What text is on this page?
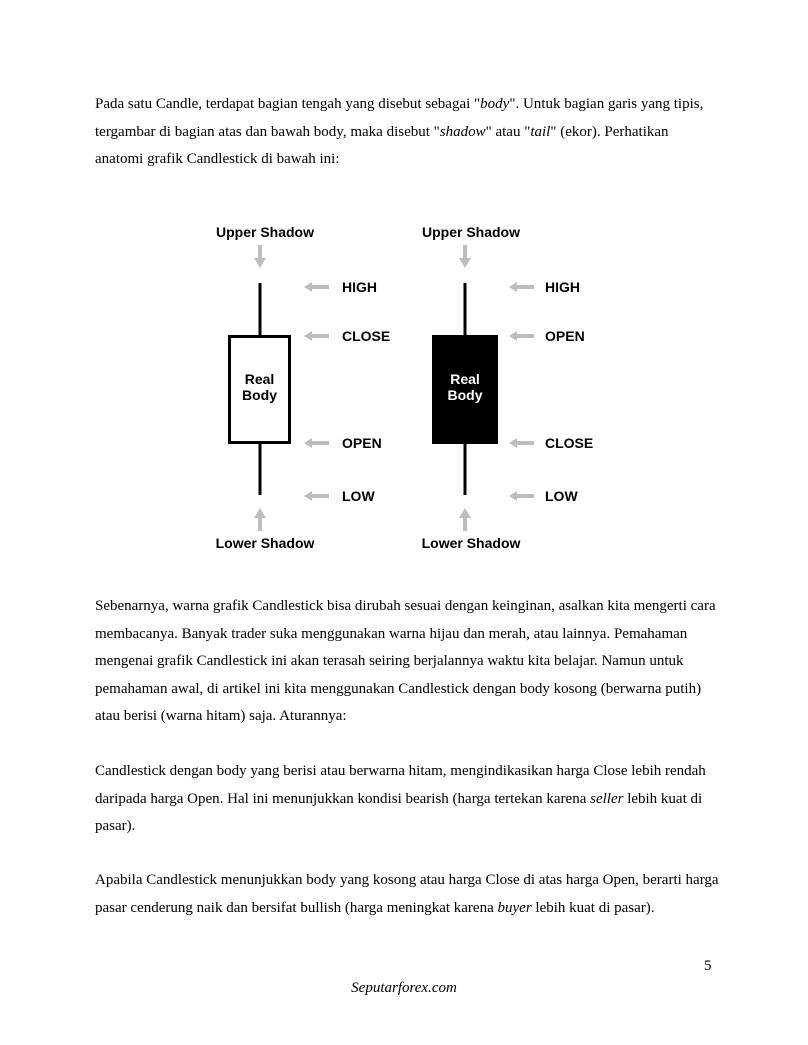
Pada satu Candle, terdapat bagian tengah yang disebut sebagai "body". Untuk bagian garis yang tipis, tergambar di bagian atas dan bawah body, maka disebut "shadow" atau "tail" (ekor). Perhatikan anatomi grafik Candlestick di bawah ini:

Upper Shadow
Real
Body
Lower Shadow
HIGH
CLOSE
OPEN
LOW
Upper Shadow
Real
Body
Lower Shadow
HIGH
OPEN
CLOSE
LOW

Sebenarnya, warna grafik Candlestick bisa dirubah sesuai dengan keinginan, asalkan kita mengerti cara membacanya. Banyak trader suka menggunakan warna hijau dan merah, atau lainnya. Pemahaman mengenai grafik Candlestick ini akan terasah seiring berjalannya waktu kita belajar. Namun untuk pemahaman awal, di artikel ini kita menggunakan Candlestick dengan body kosong (berwarna putih) atau berisi (warna hitam) saja. Aturannya:

Candlestick dengan body yang berisi atau berwarna hitam, mengindikasikan harga Close lebih rendah daripada harga Open. Hal ini menunjukkan kondisi bearish (harga tertekan karena seller lebih kuat di pasar).

Apabila Candlestick menunjukkan body yang kosong atau harga Close di atas harga Open, berarti harga pasar cenderung naik dan bersifat bullish (harga meningkat karena buyer lebih kuat di pasar).

5
Seputarforex.com
